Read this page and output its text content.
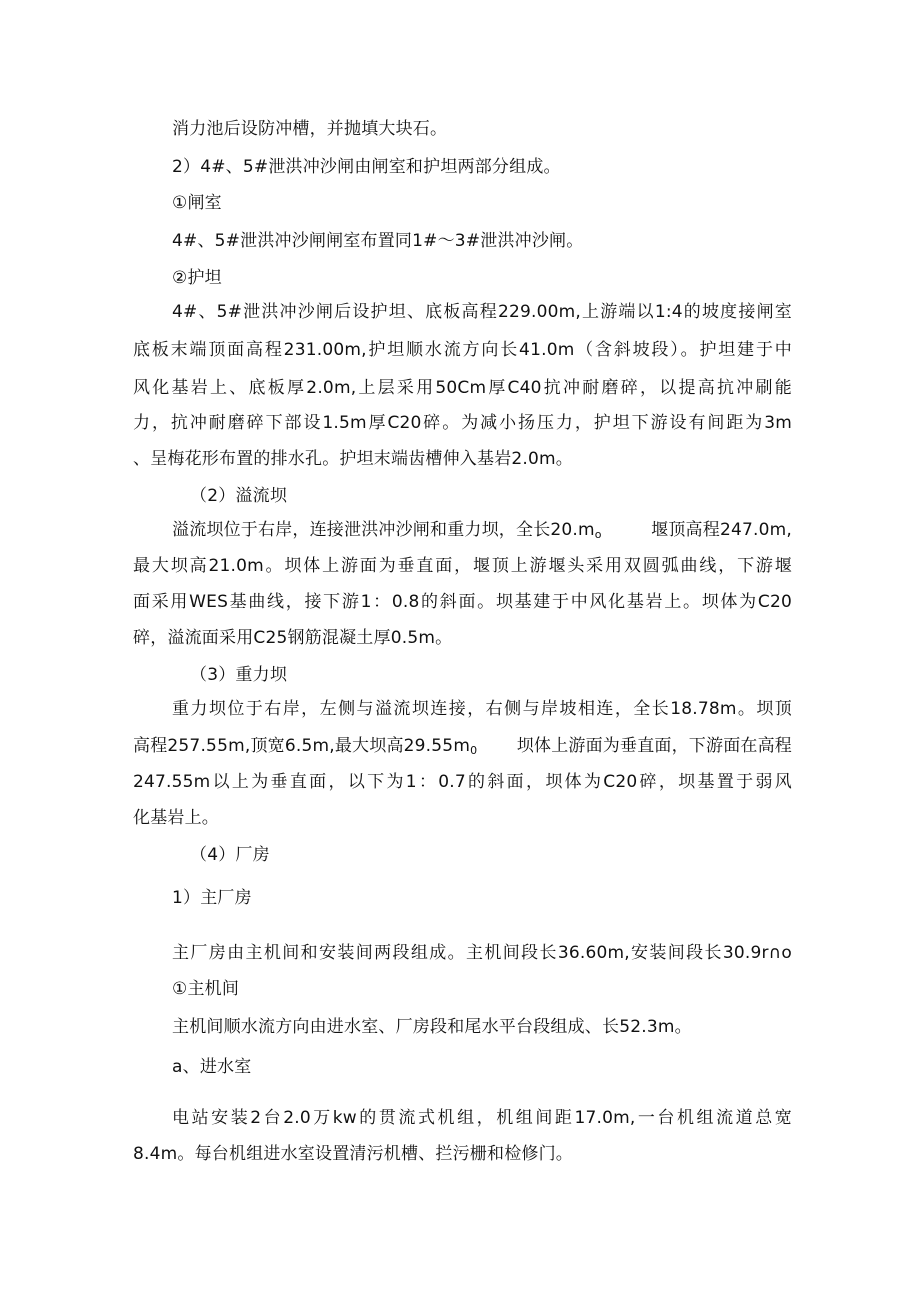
消力池后设防冲槽，并抛填大块石。
2）4#、5#泄洪冲沙闸由闸室和护坦两部分组成。
①闸室
4#、5#泄洪冲沙闸闸室布置同1#～3#泄洪冲沙闸。
②护坦
4#、5#泄洪冲沙闸后设护坦、底板高程229.00m,上游端以1:4的坡度接闸室
底板末端顶面高程231.00m,护坦顺水流方向长41.0m（含斜坡段）。护坦建于中
风化基岩上、底板厚2.0m,上层采用50Cm厚C40抗冲耐磨碎，以提高抗冲刷能
力，抗冲耐磨碎下部设1.5m厚C20碎。为减小扬压力，护坦下游设有间距为3m
、呈梅花形布置的排水孔。护坦末端齿槽伸入基岩2.0m。
（2）溢流坝
溢流坝位于右岸，连接泄洪冲沙闸和重力坝，全长$20.m_o$	堰顶高程247.0m,
最大坝高21.0m。坝体上游面为垂直面，堰顶上游堰头采用双圆弧曲线，下游堰
面采用WES基曲线，接下游1：0.8的斜面。坝基建于中风化基岩上。坝体为C20
碎，溢流面采用C25钢筋混凝土厚0.5m。
（3）重力坝
重力坝位于右岸，左侧与溢流坝连接，右侧与岸坡相连，全长18.78m。坝顶
高程257.55m,顶宽6.5m,最大坝高$29.55m_0$ 坝体上游面为垂直面，下游面在高程
247.55m以上为垂直面，以下为1：0.7的斜面，坝体为C20碎，坝基置于弱风
化基岩上。
（4）厂房
1）主厂房
主厂房由主机间和安装间两段组成。主机间段长36.60m,安装间段长30.9r∩o
①主机间
主机间顺水流方向由进水室、厂房段和尾水平台段组成、长52.3m。
a、进水室
电站安装2台2.0万kw的贯流式机组，机组间距17.0m,一台机组流道总宽
8.4m。每台机组进水室设置清污机槽、拦污栅和检修门。
